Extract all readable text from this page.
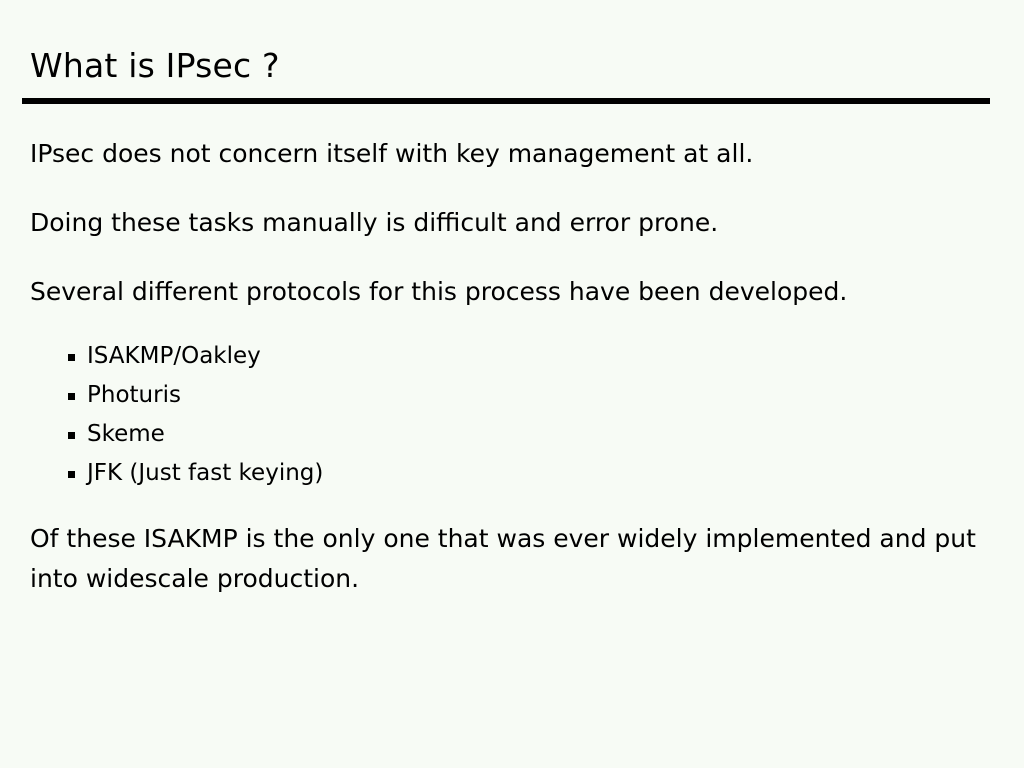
What is IPsec ?

IPsec does not concern itself with key management at all.

Doing these tasks manually is difficult and error prone.

Several different protocols for this process have been developed.

ISAKMP/Oakley
Photuris
Skeme
JFK (Just fast keying)

Of these ISAKMP is the only one that was ever widely implemented and put into widescale production.
